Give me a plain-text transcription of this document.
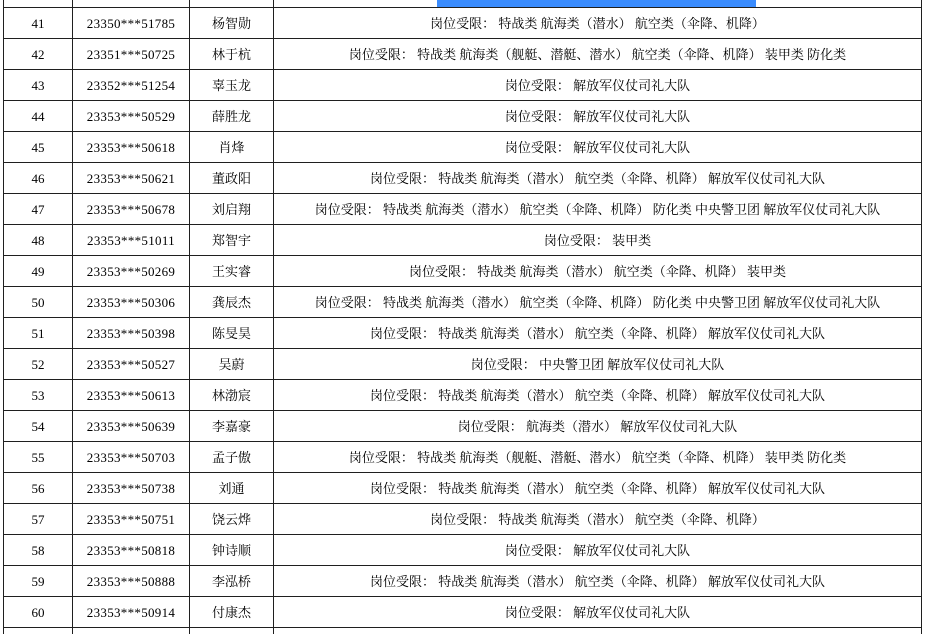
41	23350***51785	杨智勋	岗位受限： 特战类 航海类（潜水） 航空类（伞降、机降）
42	23351***50725	林于杭	岗位受限： 特战类 航海类（舰艇、潜艇、潜水） 航空类（伞降、机降） 装甲类 防化类
43	23352***51254	辜玉龙	岗位受限： 解放军仪仗司礼大队
44	23353***50529	薛胜龙	岗位受限： 解放军仪仗司礼大队
45	23353***50618	肖烽	岗位受限： 解放军仪仗司礼大队
46	23353***50621	董政阳	岗位受限： 特战类 航海类（潜水） 航空类（伞降、机降） 解放军仪仗司礼大队
47	23353***50678	刘启翔	岗位受限： 特战类 航海类（潜水） 航空类（伞降、机降） 防化类 中央警卫团 解放军仪仗司礼大队
48	23353***51011	郑智宇	岗位受限： 装甲类
49	23353***50269	王实睿	岗位受限： 特战类 航海类（潜水） 航空类（伞降、机降） 装甲类
50	23353***50306	龚辰杰	岗位受限： 特战类 航海类（潜水） 航空类（伞降、机降） 防化类 中央警卫团 解放军仪仗司礼大队
51	23353***50398	陈旻昊	岗位受限： 特战类 航海类（潜水） 航空类（伞降、机降） 解放军仪仗司礼大队
52	23353***50527	吴蔚	岗位受限： 中央警卫团 解放军仪仗司礼大队
53	23353***50613	林渤宸	岗位受限： 特战类 航海类（潜水） 航空类（伞降、机降） 解放军仪仗司礼大队
54	23353***50639	李嘉豪	岗位受限： 航海类（潜水） 解放军仪仗司礼大队
55	23353***50703	孟子傲	岗位受限： 特战类 航海类（舰艇、潜艇、潜水） 航空类（伞降、机降） 装甲类 防化类
56	23353***50738	刘通	岗位受限： 特战类 航海类（潜水） 航空类（伞降、机降） 解放军仪仗司礼大队
57	23353***50751	饶云烨	岗位受限： 特战类 航海类（潜水） 航空类（伞降、机降）
58	23353***50818	钟诗顺	岗位受限： 解放军仪仗司礼大队
59	23353***50888	李泓桥	岗位受限： 特战类 航海类（潜水） 航空类（伞降、机降） 解放军仪仗司礼大队
60	23353***50914	付康杰	岗位受限： 解放军仪仗司礼大队
